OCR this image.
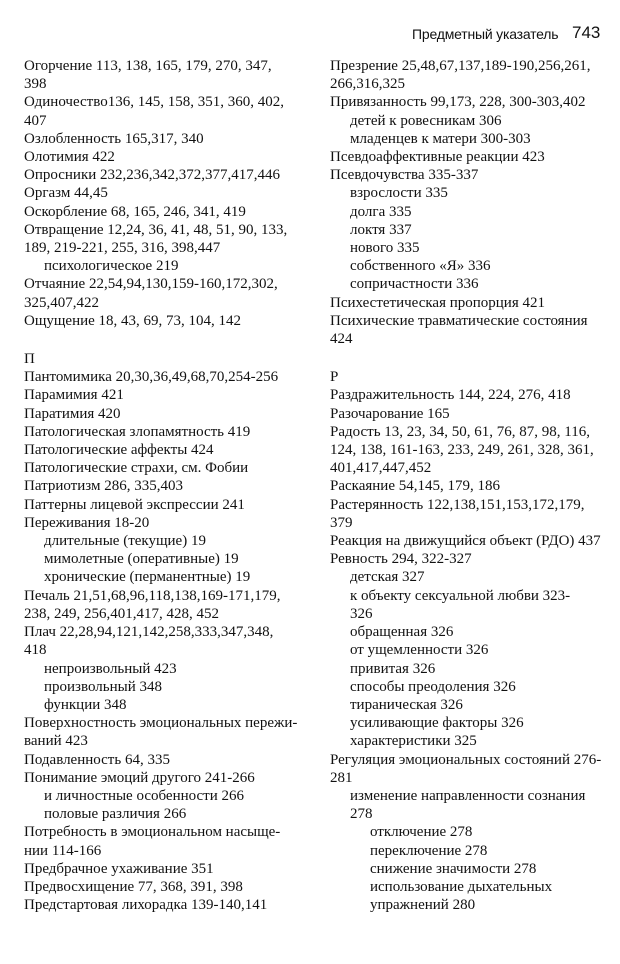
Предметный указатель 743
Огорчение 113, 138, 165, 179, 270, 347,
398
Одиночество136, 145, 158, 351, 360, 402,
407
Озлобленность 165,317, 340
Олотимия 422
Опросники 232,236,342,372,377,417,446
Оргазм 44,45
Оскорбление 68, 165, 246, 341, 419
Отвращение 12,24, 36, 41, 48, 51, 90, 133,
189, 219-221, 255, 316, 398,447
психологическое 219
Отчаяние 22,54,94,130,159-160,172,302,
325,407,422
Ощущение 18, 43, 69, 73, 104, 142
П
Пантомимика 20,30,36,49,68,70,254-256
Парамимия 421
Паратимия 420
Патологическая злопамятность 419
Патологические аффекты 424
Патологические страхи, см. Фобии
Патриотизм 286, 335,403
Паттерны лицевой экспрессии 241
Переживания 18-20
длительные (текущие) 19
мимолетные (оперативные) 19
хронические (перманентные) 19
Печаль 21,51,68,96,118,138,169-171,179,
238, 249, 256,401,417, 428, 452
Плач 22,28,94,121,142,258,333,347,348,
418
непроизвольный 423
произвольный 348
функции 348
Поверхностность эмоциональных пережи-
ваний 423
Подавленность 64, 335
Понимание эмоций другого 241-266
и личностные особенности 266
половые различия 266
Потребность в эмоциональном насыще-
нии 114-166
Предбрачное ухаживание 351
Предвосхищение 77, 368, 391, 398
Предстартовая лихорадка 139-140,141
Презрение 25,48,67,137,189-190,256,261,
266,316,325
Привязанность 99,173, 228, 300-303,402
детей к ровесникам 306
младенцев к матери 300-303
Псевдоаффективные реакции 423
Псевдочувства 335-337
взрослости 335
долга 335
локтя 337
нового 335
собственного «Я» 336
сопричастности 336
Психестетическая пропорция 421
Психические травматические состояния
424
Р
Раздражительность 144, 224, 276, 418
Разочарование 165
Радость 13, 23, 34, 50, 61, 76, 87, 98, 116,
124, 138, 161-163, 233, 249, 261, 328, 361,
401,417,447,452
Раскаяние 54,145, 179, 186
Растерянность 122,138,151,153,172,179,
379
Реакция на движущийся объект (РДО) 437
Ревность 294, 322-327
детская 327
к объекту сексуальной любви 323-
326
обращенная 326
от ущемленности 326
привитая 326
способы преодоления 326
тираническая 326
усиливающие факторы 326
характеристики 325
Регуляция эмоциональных состояний 276-
281
изменение направленности сознания
278
отключение 278
переключение 278
снижение значимости 278
использование дыхательных
упражнений 280
